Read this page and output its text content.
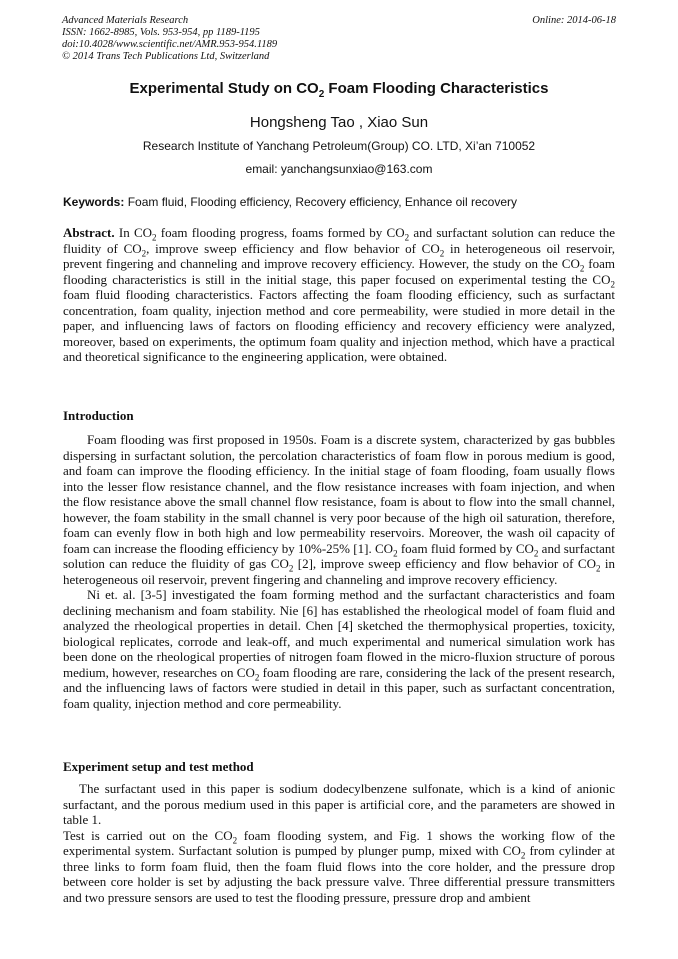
Advanced Materials Research
ISSN: 1662-8985, Vols. 953-954, pp 1189-1195
doi:10.4028/www.scientific.net/AMR.953-954.1189
© 2014 Trans Tech Publications Ltd, Switzerland
Online: 2014-06-18
Experimental Study on $CO_2$ Foam Flooding Characteristics
Hongsheng Tao , Xiao Sun
Research Institute of Yanchang Petroleum(Group) CO. LTD, Xi’an 710052
email: yanchangsunxiao@163.com
Keywords: Foam fluid, Flooding efficiency, Recovery efficiency, Enhance oil recovery
Abstract. In $CO_2$ foam flooding progress, foams formed by $CO_2$ and surfactant solution can reduce the fluidity of $CO_2$, improve sweep efficiency and flow behavior of $CO_2$ in heterogeneous oil reservoir, prevent fingering and channeling and improve recovery efficiency. However, the study on the $CO_2$ foam flooding characteristics is still in the initial stage, this paper focused on experimental testing the $CO_2$ foam fluid flooding characteristics. Factors affecting the foam flooding efficiency, such as surfactant concentration, foam quality, injection method and core permeability, were studied in more detail in the paper, and influencing laws of factors on flooding efficiency and recovery efficiency were analyzed, moreover, based on experiments, the optimum foam quality and injection method, which have a practical and theoretical significance to the engineering application, were obtained.
Introduction
Foam flooding was first proposed in 1950s. Foam is a discrete system, characterized by gas bubbles dispersing in surfactant solution, the percolation characteristics of foam flow in porous medium is good, and foam can improve the flooding efficiency. In the initial stage of foam flooding, foam usually flows into the lesser flow resistance channel, and the flow resistance increases with foam injection, and when the flow resistance above the small channel flow resistance, foam is about to flow into the small channel, however, the foam stability in the small channel is very poor because of the high oil saturation, therefore, foam can evenly flow in both high and low permeability reservoirs. Moreover, the wash oil capacity of foam can increase the flooding efficiency by 10%-25% [1]. $CO_2$ foam fluid formed by $CO_2$ and surfactant solution can reduce the fluidity of gas $CO_2$ [2], improve sweep efficiency and flow behavior of $CO_2$ in heterogeneous oil reservoir, prevent fingering and channeling and improve recovery efficiency.
Ni et. al. [3-5] investigated the foam forming method and the surfactant characteristics and foam declining mechanism and foam stability. Nie [6] has established the rheological model of foam fluid and analyzed the rheological properties in detail. Chen [4] sketched the thermophysical properties, toxicity, biological replicates, corrode and leak-off, and much experimental and numerical simulation work has been done on the rheological properties of nitrogen foam flowed in the micro-fluxion structure of porous medium, however, researches on $CO_2$ foam flooding are rare, considering the lack of the present research, and the influencing laws of factors were studied in detail in this paper, such as surfactant concentration, foam quality, injection method and core permeability.
Experiment setup and test method
The surfactant used in this paper is sodium dodecylbenzene sulfonate, which is a kind of anionic surfactant, and the porous medium used in this paper is artificial core, and the parameters are showed in table 1.
Test is carried out on the $CO_2$ foam flooding system, and Fig. 1 shows the working flow of the experimental system. Surfactant solution is pumped by plunger pump, mixed with $CO_2$ from cylinder at three links to form foam fluid, then the foam fluid flows into the core holder, and the pressure drop between core holder is set by adjusting the back pressure valve. Three differential pressure transmitters and two pressure sensors are used to test the flooding pressure, pressure drop and ambient
